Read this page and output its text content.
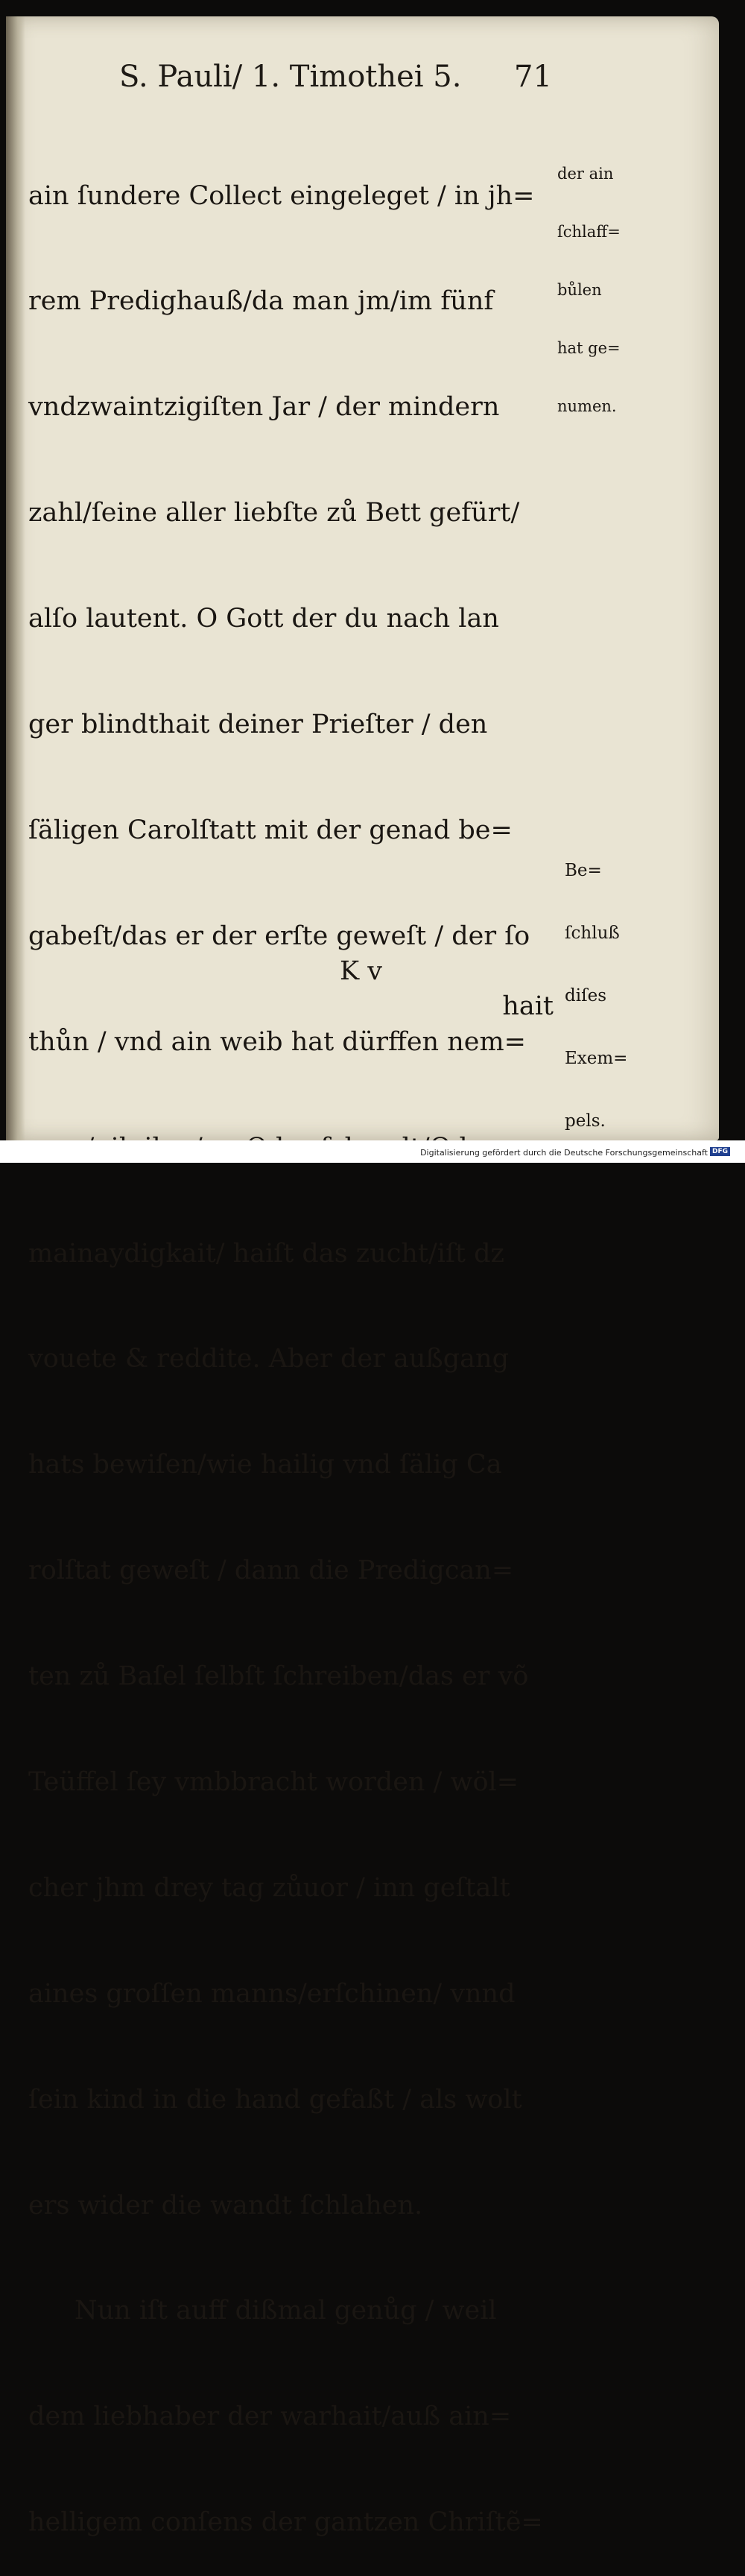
S. Pauli/ 1. Timothei 5. 71

ain ſundere Collect eingeleget / in jh=

rem Predighauß/da man jm/im fünf

vndzwaintzigiſten Jar / der mindern

zahl/ſeine aller liebſte zů Bett gefürt/

alſo lautent. O Gott der du nach lan

ger blindthait deiner Prieſter / den

ſäligen Carolſtatt mit der genad be=

gabeſt/das er der erſte geweſt / der ſo

thůn / vnd ain weib hat dürffen nem=

mainaydigkait/ haiſt das zucht/iſt dz

vouete & reddite. Aber der außgang

hats bewiſen/wie hailig vnd ſälig Ca

rolſtat geweſt / dann die Predigcan=

ten zů Baſel ſelbſt ſchreiben/das er võ

Teüffel ſey vmbbracht worden / wöl=

cher jhm drey tag zůuor / inn geſtalt

aines groſſen manns/erſchinen/ vnnd

ſein kind in die hand gefaßt / als wolt

ers wider die wandt ſchlahen.

Nun iſt auff dißmal genůg / weil

dem liebhaber der warhait/auß ain=

helligem conſens der gantzen Chriſtẽ=

K v

hait

der ain

ſchlaff=

bůlen

hat ge=

numen.

Be=

ſchluß

diſes

Exem=

pels.

Digitalisierung gefördert durch die Deutsche Forschungsgemeinschaft DFG
